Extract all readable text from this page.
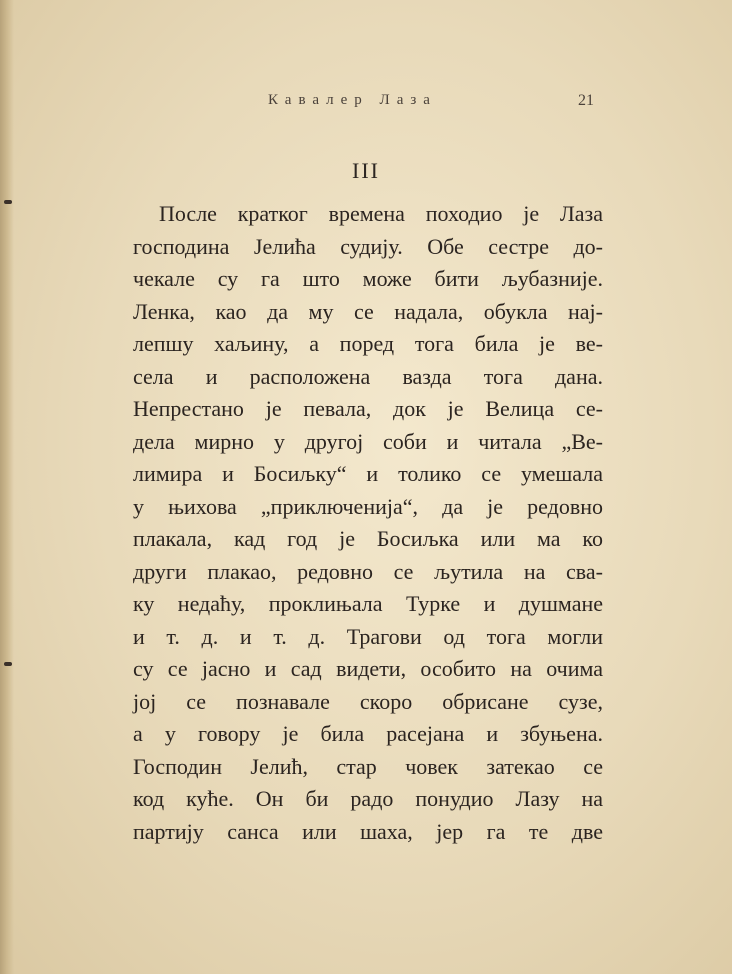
Кавалер Лаза	21
III
После кратког времена походио је Лаза
господина Јелића судију. Обе сестре до-
чекале су га што може бити љубазније.
Ленка, као да му се надала, обукла нај-
лепшу хаљину, а поред тога била је ве-
села и расположена вазда тога дана.
Непрестано је певала, док је Велица се-
дела мирно у другој соби и читала „Ве-
лимира и Босиљку“ и толико се умешала
у њихова „приключенија“, да је редовно
плакала, кад год је Босиљка или ма ко
други плакао, редовно се љутила на сва-
ку недаћу, проклињала Турке и душмане
и т. д. и т. д. Трагови од тога могли
су се јасно и сад видети, особито на очима
јој се познавале скоро обрисане сузе,
а у говору је била расејана и збуњена.
Господин Јелић, стар човек затекао се
код куће. Он би радо понудио Лазу на
партију санса или шаха, јер га те две
